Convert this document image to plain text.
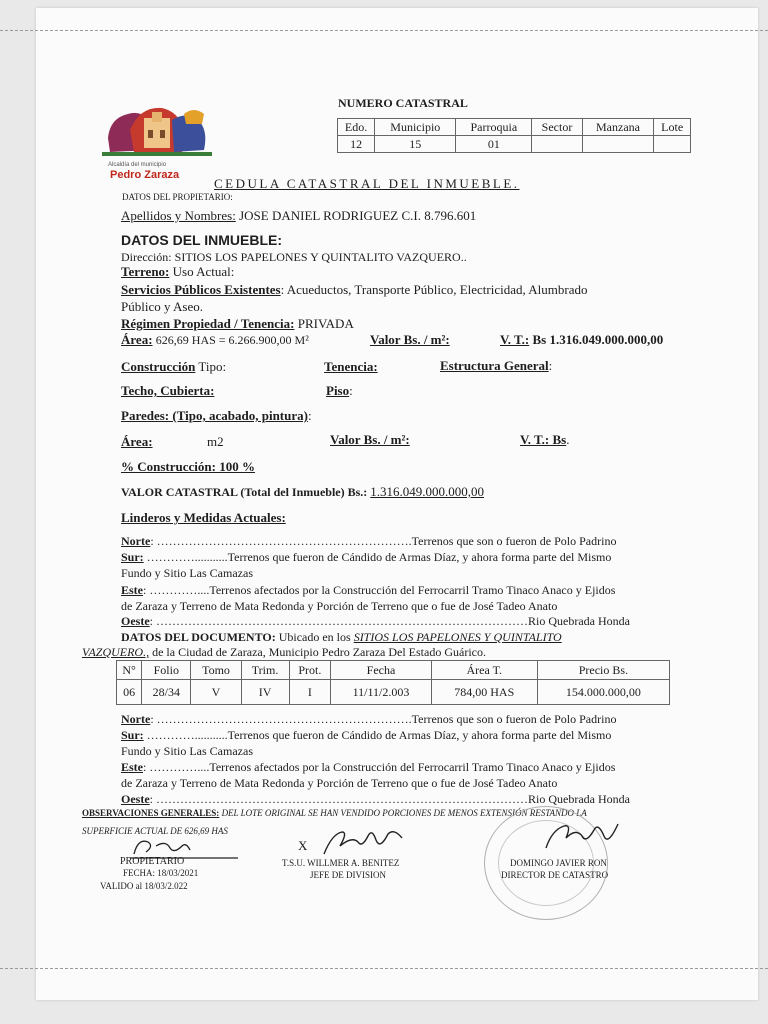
Alcaldía del municipio
Pedro Zaraza
NUMERO CATASTRAL
Edo.	Municipio	Parroquia	Sector	Manzana	Lote
12	15	01			
CEDULA CATASTRAL DEL INMUEBLE.
DATOS DEL PROPIETARIO:
Apellidos y Nombres: JOSE DANIEL RODRIGUEZ C.I. 8.796.601
DATOS DEL INMUEBLE:
Dirección: SITIOS LOS PAPELONES Y QUINTALITO VAZQUERO..
Terreno: Uso Actual:
Servicios Públicos Existentes: Acueductos, Transporte Público, Electricidad, Alumbrado
Público y Aseo.
Régimen Propiedad / Tenencia: PRIVADA
Área: 626,69 HAS = 6.266.900,00 M²	Valor Bs. / m²:	V. T.: Bs 1.316.049.000.000,00
Construcción Tipo:	Tenencia:	Estructura General:
Techo, Cubierta:	Piso:
Paredes: (Tipo, acabado, pintura):
Área:	m2	Valor Bs. / m²:	V. T.: Bs.
% Construcción: 100 %
VALOR CATASTRAL (Total del Inmueble) Bs.: 1.316.049.000.000,00
Linderos y Medidas Actuales:
Norte: ……………………………………………………….Terrenos que son o fueron de Polo Padrino
Sur: …………...........Terrenos que fueron de Cándido de Armas Díaz, y ahora forma parte del Mismo
Fundo y Sitio Las Camazas
Este: …………....Terrenos afectados por la Construcción del Ferrocarril Tramo Tinaco Anaco y Ejidos
de Zaraza y Terreno de Mata Redonda y Porción de Terreno que o fue de José Tadeo Anato
Oeste: …………………………………………………………………………………Rio Quebrada Honda
DATOS DEL DOCUMENTO: Ubicado en los SITIOS LOS PAPELONES Y QUINTALITO
VAZQUERO., de la Ciudad de Zaraza, Municipio Pedro Zaraza Del Estado Guárico.
N°	Folio	Tomo	Trim.	Prot.	Fecha	Área T.	Precio Bs.
06	28/34	V	IV	I	11/11/2.003	784,00 HAS	154.000.000,00
Norte: ……………………………………………………….Terrenos que son o fueron de Polo Padrino
Sur: …………...........Terrenos que fueron de Cándido de Armas Díaz, y ahora forma parte del Mismo
Fundo y Sitio Las Camazas
Este: …………....Terrenos afectados por la Construcción del Ferrocarril Tramo Tinaco Anaco y Ejidos
de Zaraza y Terreno de Mata Redonda y Porción de Terreno que o fue de José Tadeo Anato
Oeste: …………………………………………………………………………………Rio Quebrada Honda
OBSERVACIONES GENERALES: DEL LOTE ORIGINAL SE HAN VENDIDO PORCIONES DE MENOS EXTENSIÓN RESTANDO LA
SUPERFICIE ACTUAL DE 626,69 HAS
PROPIETARIO
FECHA: 18/03/2021
VALIDO al 18/03/2.022
X
T.S.U. WILLMER A. BENITEZ
JEFE DE DIVISION
DOMINGO JAVIER RON
DIRECTOR DE CATASTRO
